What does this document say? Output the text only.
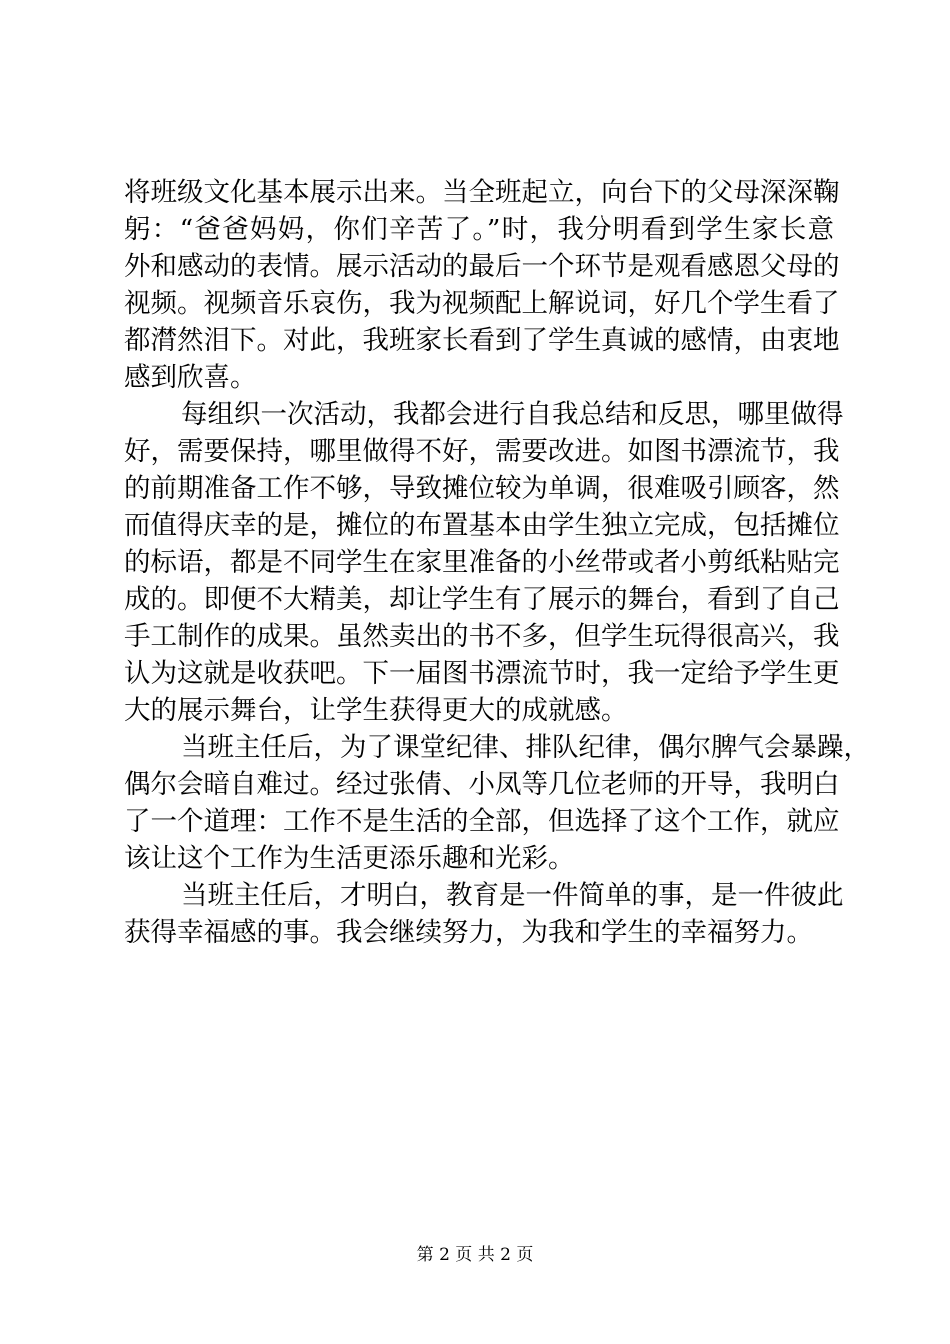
将班级文化基本展示出来。当全班起立，向台下的父母深深鞠
躬：“爸爸妈妈，你们辛苦了。”时，我分明看到学生家长意
外和感动的表情。展示活动的最后一个环节是观看感恩父母的
视频。视频音乐哀伤，我为视频配上解说词，好几个学生看了
都潸然泪下。对此，我班家长看到了学生真诚的感情，由衷地
感到欣喜。
每组织一次活动，我都会进行自我总结和反思，哪里做得
好，需要保持，哪里做得不好，需要改进。如图书漂流节，我
的前期准备工作不够，导致摊位较为单调，很难吸引顾客，然
而值得庆幸的是，摊位的布置基本由学生独立完成，包括摊位
的标语，都是不同学生在家里准备的小丝带或者小剪纸粘贴完
成的。即便不大精美，却让学生有了展示的舞台，看到了自己
手工制作的成果。虽然卖出的书不多，但学生玩得很高兴，我
认为这就是收获吧。下一届图书漂流节时，我一定给予学生更
大的展示舞台，让学生获得更大的成就感。
当班主任后，为了课堂纪律、排队纪律，偶尔脾气会暴躁，
偶尔会暗自难过。经过张倩、小凤等几位老师的开导，我明白
了一个道理：工作不是生活的全部，但选择了这个工作，就应
该让这个工作为生活更添乐趣和光彩。
当班主任后，才明白，教育是一件简单的事，是一件彼此
获得幸福感的事。我会继续努力，为我和学生的幸福努力。
第 2 页 共 2 页
